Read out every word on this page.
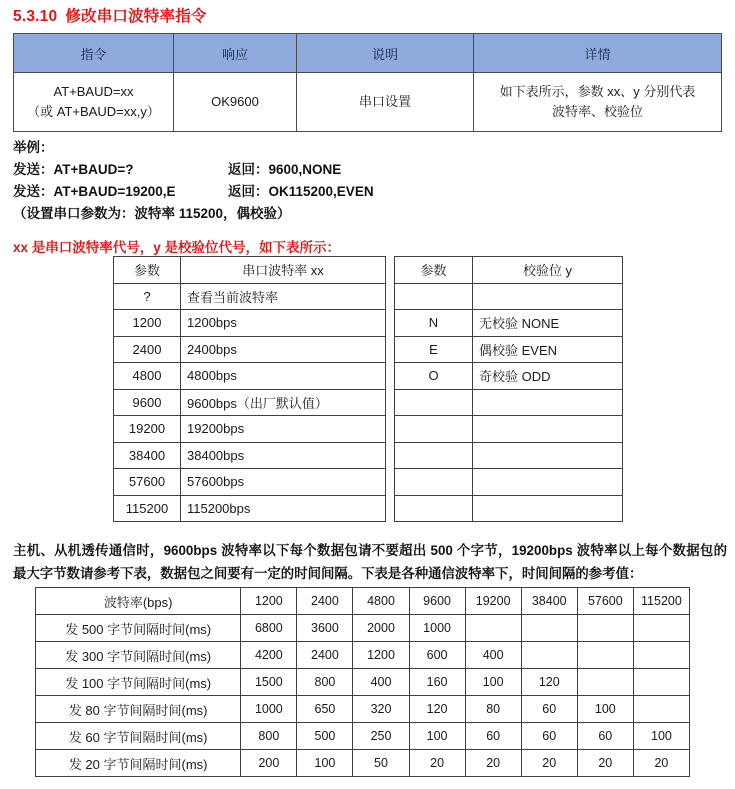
5.3.10 修改串口波特率指令
指令	响应	说明	详情

AT+BAUD=xx
（或 AT+BAUD=xx,y）	OK9600	串口设置	如下表所示，参数 xx、y 分别代表
波特率、校验位
举例：
发送：AT+BAUD=?	返回：9600,NONE
发送：AT+BAUD=19200,E	返回：OK115200,EVEN
（设置串口参数为：波特率 115200，偶校验）
xx 是串口波特率代号，y 是校验位代号，如下表所示：
参数	串口波特率 xx
?	查看当前波特率
1200	1200bps
2400	2400bps
4800	4800bps
9600	9600bps（出厂默认值）
19200	19200bps
38400	38400bps
57600	57600bps
115200	115200bps
参数	校验位 y

N	无校验 NONE
E	偶校验 EVEN
O	奇校验 ODD

主机、从机透传通信时，9600bps 波特率以下每个数据包请不要超出 500 个字节，19200bps 波特率以上每个数据包的最大字节数请参考下表，数据包之间要有一定的时间间隔。下表是各种通信波特率下，时间间隔的参考值：
波特率(bps)	1200	2400	4800	9600	19200	38400	57600	115200
发 500 字节间隔时间(ms)	6800	3600	2000	1000				
发 300 字节间隔时间(ms)	4200	2400	1200	600	400			
发 100 字节间隔时间(ms)	1500	800	400	160	100	120		
发 80 字节间隔时间(ms)	1000	650	320	120	80	60	100	
发 60 字节间隔时间(ms)	800	500	250	100	60	60	60	100
发 20 字节间隔时间(ms)	200	100	50	20	20	20	20	20
